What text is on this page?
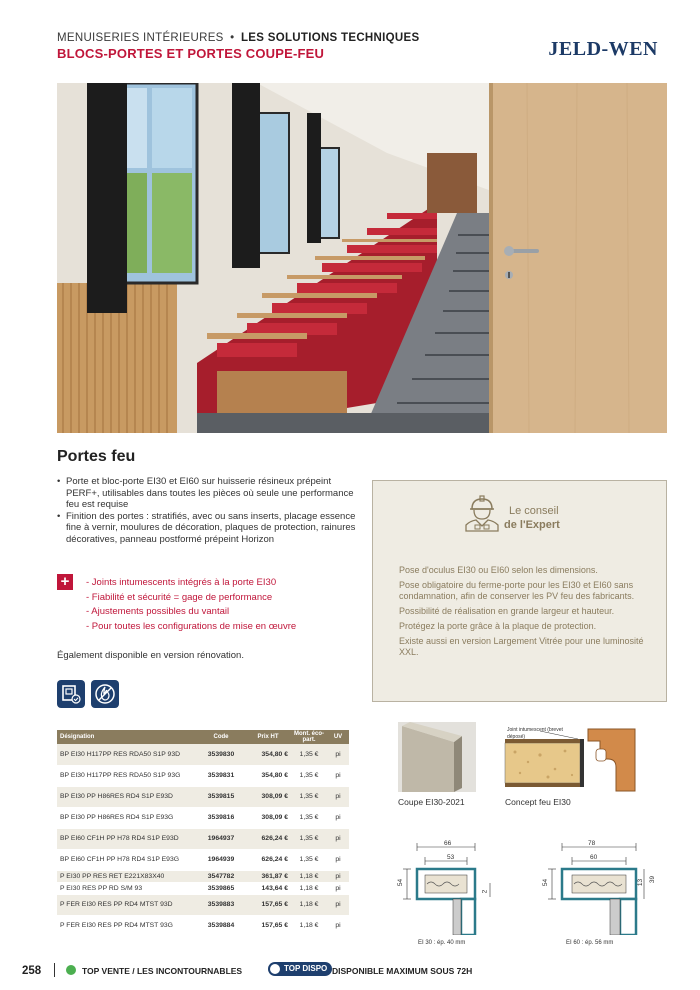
MENUISERIES INTÉRIEURES • LES SOLUTIONS TECHNIQUES
BLOCS-PORTES ET PORTES COUPE-FEU	JELD-WEN
Portes feu
• Porte et bloc-porte EI30 et EI60 sur huisserie résineux prépeint PERF+, utilisables dans toutes les pièces où seule une performance feu est requise
• Finition des portes : stratifiés, avec ou sans inserts, placage essence fine à vernir, moulures de décoration, plaques de protection, rainures décoratives, panneau postformé prépeint Horizon
+	- Joints intumescents intégrés à la porte EI30
- Fiabilité et sécurité = gage de performance
- Ajustements possibles du vantail
- Pour toutes les configurations de mise en œuvre
Également disponible en version rénovation.
Le conseil
de l'Expert

Pose d'oculus EI30 ou EI60 selon les dimensions.

Pose obligatoire du ferme-porte pour les EI30 et EI60 sans condamnation, afin de conserver les PV feu des fabricants.

Possibilité de réalisation en grande largeur et hauteur.

Protégez la porte grâce à la plaque de protection.

Existe aussi en version Largement Vitrée pour une luminosité XXL.

Désignation	Code	Prix HT	Mont. éco-part.	UV
BP EI30 H117PP RES RDA50 S1P 93D	3539830	354,80 €	1,35 €	pi
BP EI30 H117PP RES RDA50 S1P 93G	3539831	354,80 €	1,35 €	pi
BP EI30 PP H86RES RD4 S1P E93D	3539815	308,09 €	1,35 €	pi
BP EI30 PP H86RES RD4 S1P E93G	3539816	308,09 €	1,35 €	pi
BP EI60 CF1H PP H78 RD4 S1P E93D	1964937	626,24 €	1,35 €	pi
BP EI60 CF1H PP H78 RD4 S1P E93G	1964939	626,24 €	1,35 €	pi
P EI30 PP RES RET E221X83X40	3547782	361,87 €	1,18 €	pi
P EI30 RES PP RD S/M 93	3539865	143,64 €	1,18 €	pi
P FER EI30 RES PP RD4 MTST 93D	3539883	157,65 €	1,18 €	pi
P FER EI30 RES PP RD4 MTST 93G	3539884	157,65 €	1,18 €	pi
Coupe EI30-2021
Joint intumescent (brevet déposé)
Concept feu EI30
66
53
54
2
EI 30 : ép. 40 mm
78
60
54	13 39
EI 60 : ép. 56 mm
258	TOP VENTE / LES INCONTOURNABLES	TOP DISPO DISPONIBLE MAXIMUM SOUS 72H
